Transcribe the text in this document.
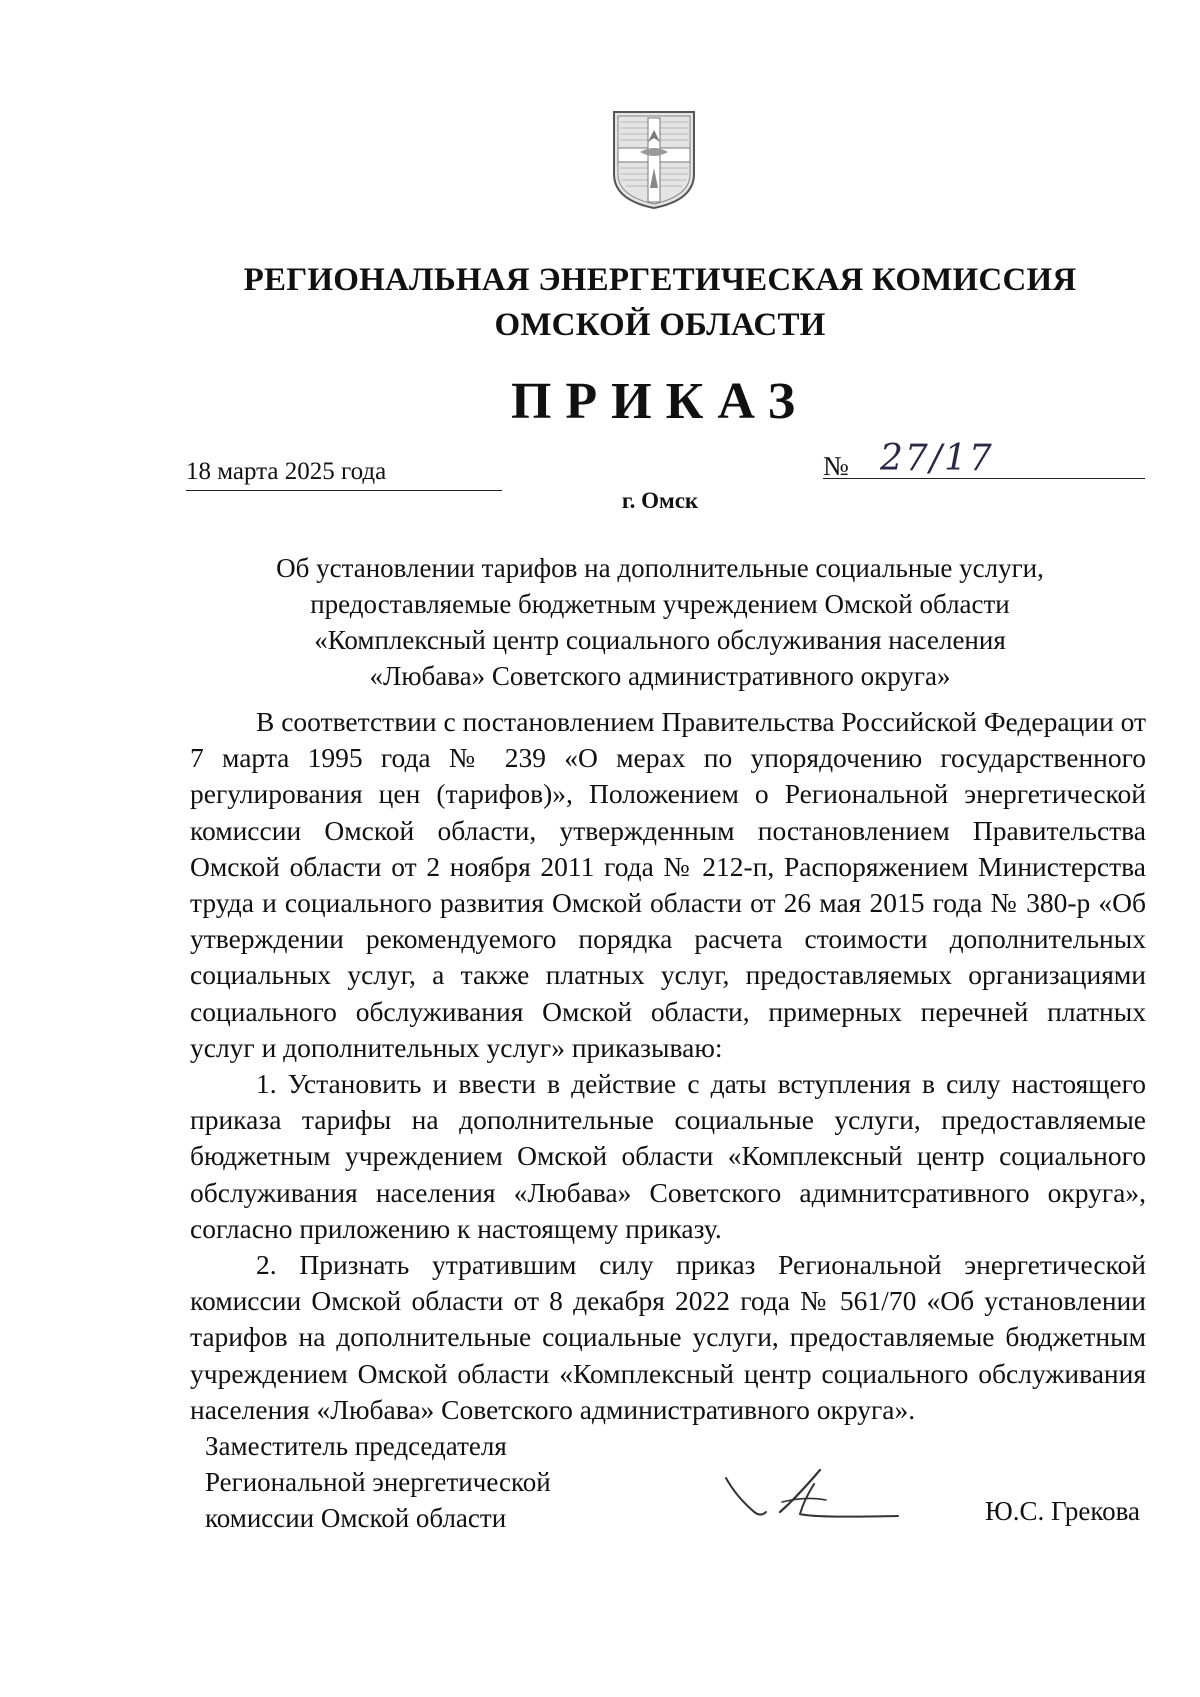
РЕГИОНАЛЬНАЯ ЭНЕРГЕТИЧЕСКАЯ КОМИССИЯ
ОМСКОЙ ОБЛАСТИ
ПРИКАЗ
18 марта 2025 года	№ 27/17
г. Омск
Об установлении тарифов на дополнительные социальные услуги,
предоставляемые бюджетным учреждением Омской области
«Комплексный центр социального обслуживания населения
«Любава» Советского административного округа»

В соответствии с постановлением Правительства Российской Федерации от 7 марта 1995 года № 239 «О мерах по упорядочению государственного регулирования цен (тарифов)», Положением о Региональной энергетической комиссии Омской области, утвержденным постановлением Правительства Омской области от 2 ноября 2011 года № 212-п, Распоряжением Министерства труда и социального развития Омской области от 26 мая 2015 года № 380-р «Об утверждении рекомендуемого порядка расчета стоимости дополнительных социальных услуг, а также платных услуг, предоставляемых организациями социального обслуживания Омской области, примерных перечней платных услуг и дополнительных услуг» приказываю:

1. Установить и ввести в действие с даты вступления в силу настоящего приказа тарифы на дополнительные социальные услуги, предоставляемые бюджетным учреждением Омской области «Комплексный центр социального обслуживания населения «Любава» Советского адимнитсративного округа», согласно приложению к настоящему приказу.

2. Признать утратившим силу приказ Региональной энергетической комиссии Омской области от 8 декабря 2022 года № 561/70 «Об установлении тарифов на дополнительные социальные услуги, предоставляемые бюджетным учреждением Омской области «Комплексный центр социального обслуживания населения «Любава» Советского административного округа».

Заместитель председателя
Региональной энергетической
комиссии Омской области	Ю.С. Грекова
